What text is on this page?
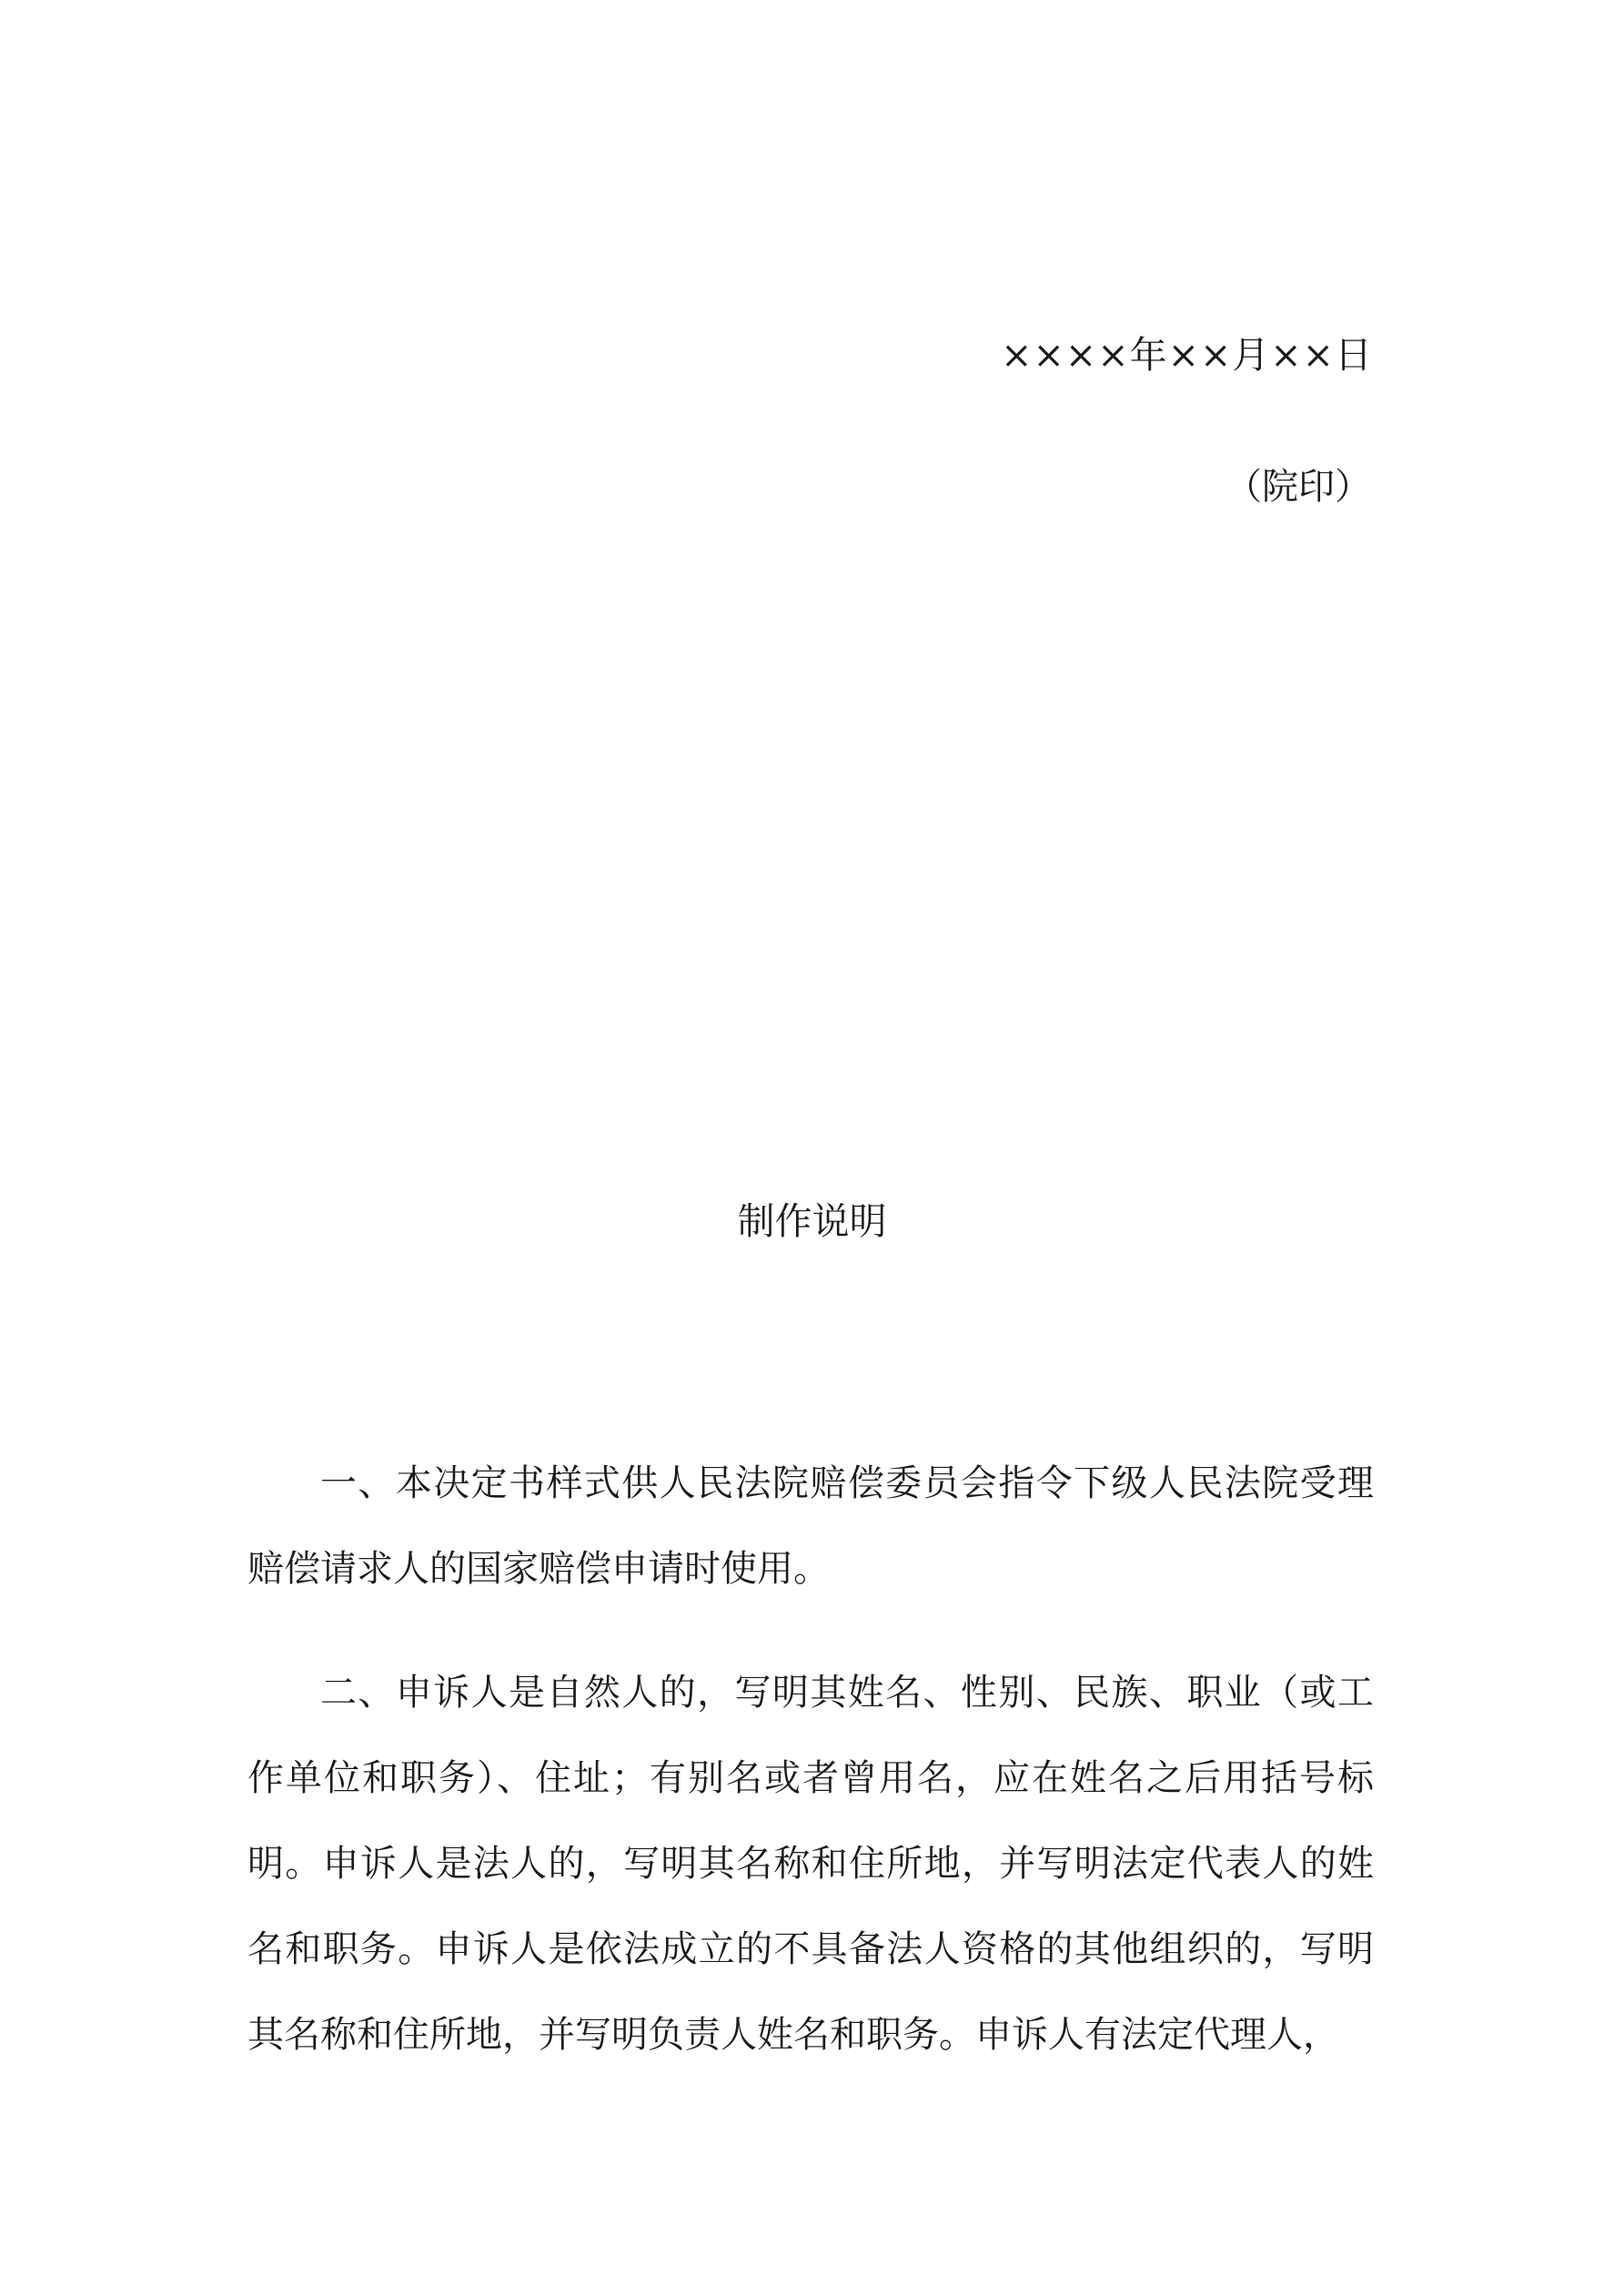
××××年××月××日
（院印）
制作说明

一、本决定书样式供人民法院赔偿委员会指令下级人民法院受理赔偿请求人的国家赔偿申请时使用。

二、申诉人是自然人的，写明其姓名、性别、民族、职业（或工作单位和职务）、住址；有别名或者曾用名，应在姓名之后用括号标明。申诉人是法人的，写明其名称和住所地，并写明法定代表人的姓名和职务。申诉人是依法成立的不具备法人资格的其他组织的，写明其名称和住所地，并写明负责人姓名和职务。申诉人有法定代理人，
